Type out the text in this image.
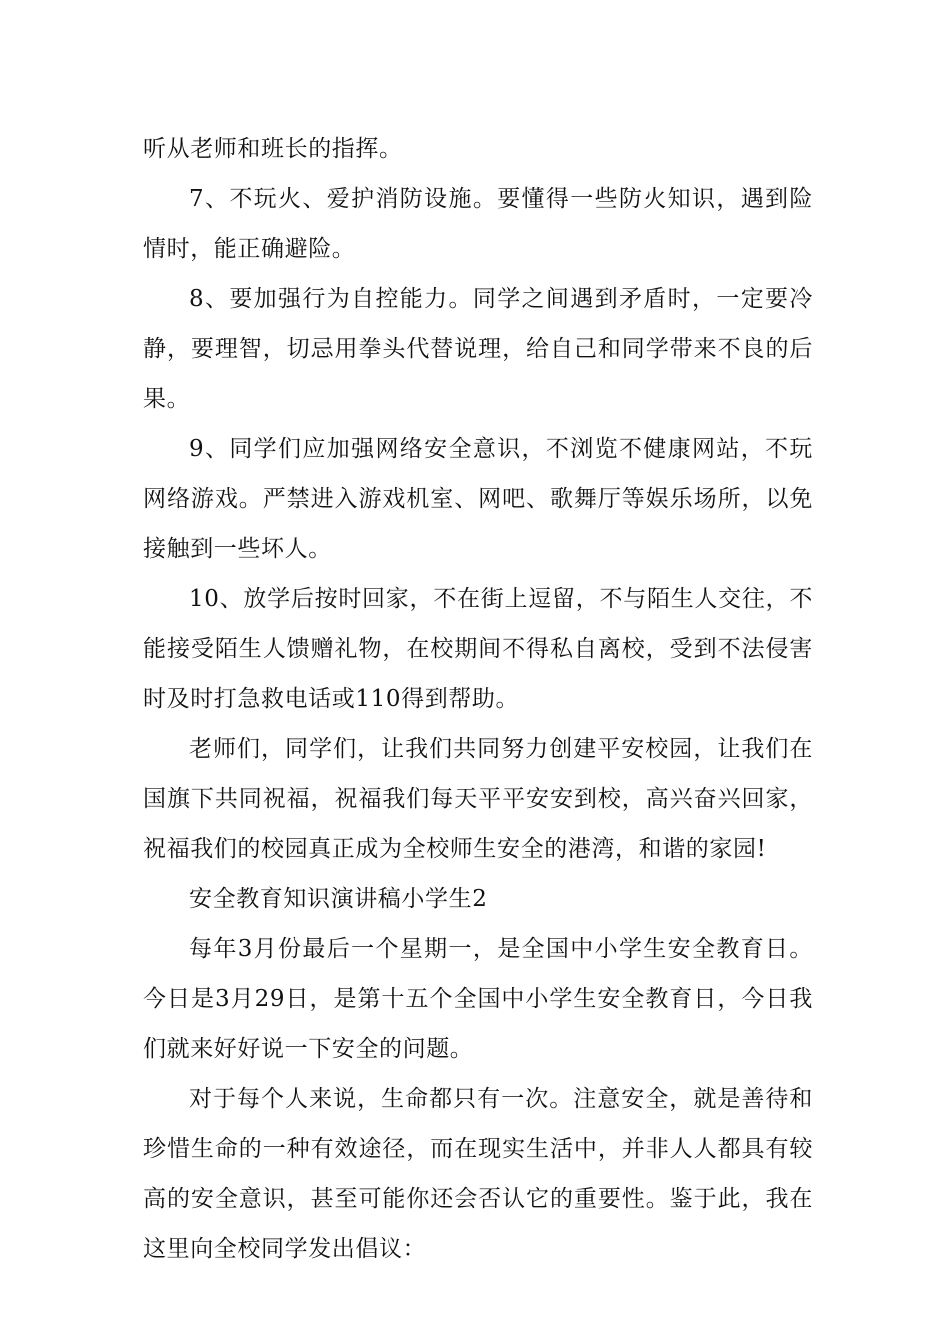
听从老师和班长的指挥。

7、不玩火、爱护消防设施。要懂得一些防火知识，遇到险情时，能正确避险。

8、要加强行为自控能力。同学之间遇到矛盾时，一定要冷静，要理智，切忌用拳头代替说理，给自己和同学带来不良的后果。

9、同学们应加强网络安全意识，不浏览不健康网站，不玩网络游戏。严禁进入游戏机室、网吧、歌舞厅等娱乐场所，以免接触到一些坏人。

10、放学后按时回家，不在街上逗留，不与陌生人交往，不能接受陌生人馈赠礼物，在校期间不得私自离校，受到不法侵害时及时打急救电话或110得到帮助。

老师们，同学们，让我们共同努力创建平安校园，让我们在国旗下共同祝福，祝福我们每天平平安安到校，高兴奋兴回家，祝福我们的校园真正成为全校师生安全的港湾，和谐的家园!

安全教育知识演讲稿小学生2

每年3月份最后一个星期一，是全国中小学生安全教育日。今日是3月29日，是第十五个全国中小学生安全教育日，今日我们就来好好说一下安全的问题。

对于每个人来说，生命都只有一次。注意安全，就是善待和珍惜生命的一种有效途径，而在现实生活中，并非人人都具有较高的安全意识，甚至可能你还会否认它的重要性。鉴于此，我在这里向全校同学发出倡议：
